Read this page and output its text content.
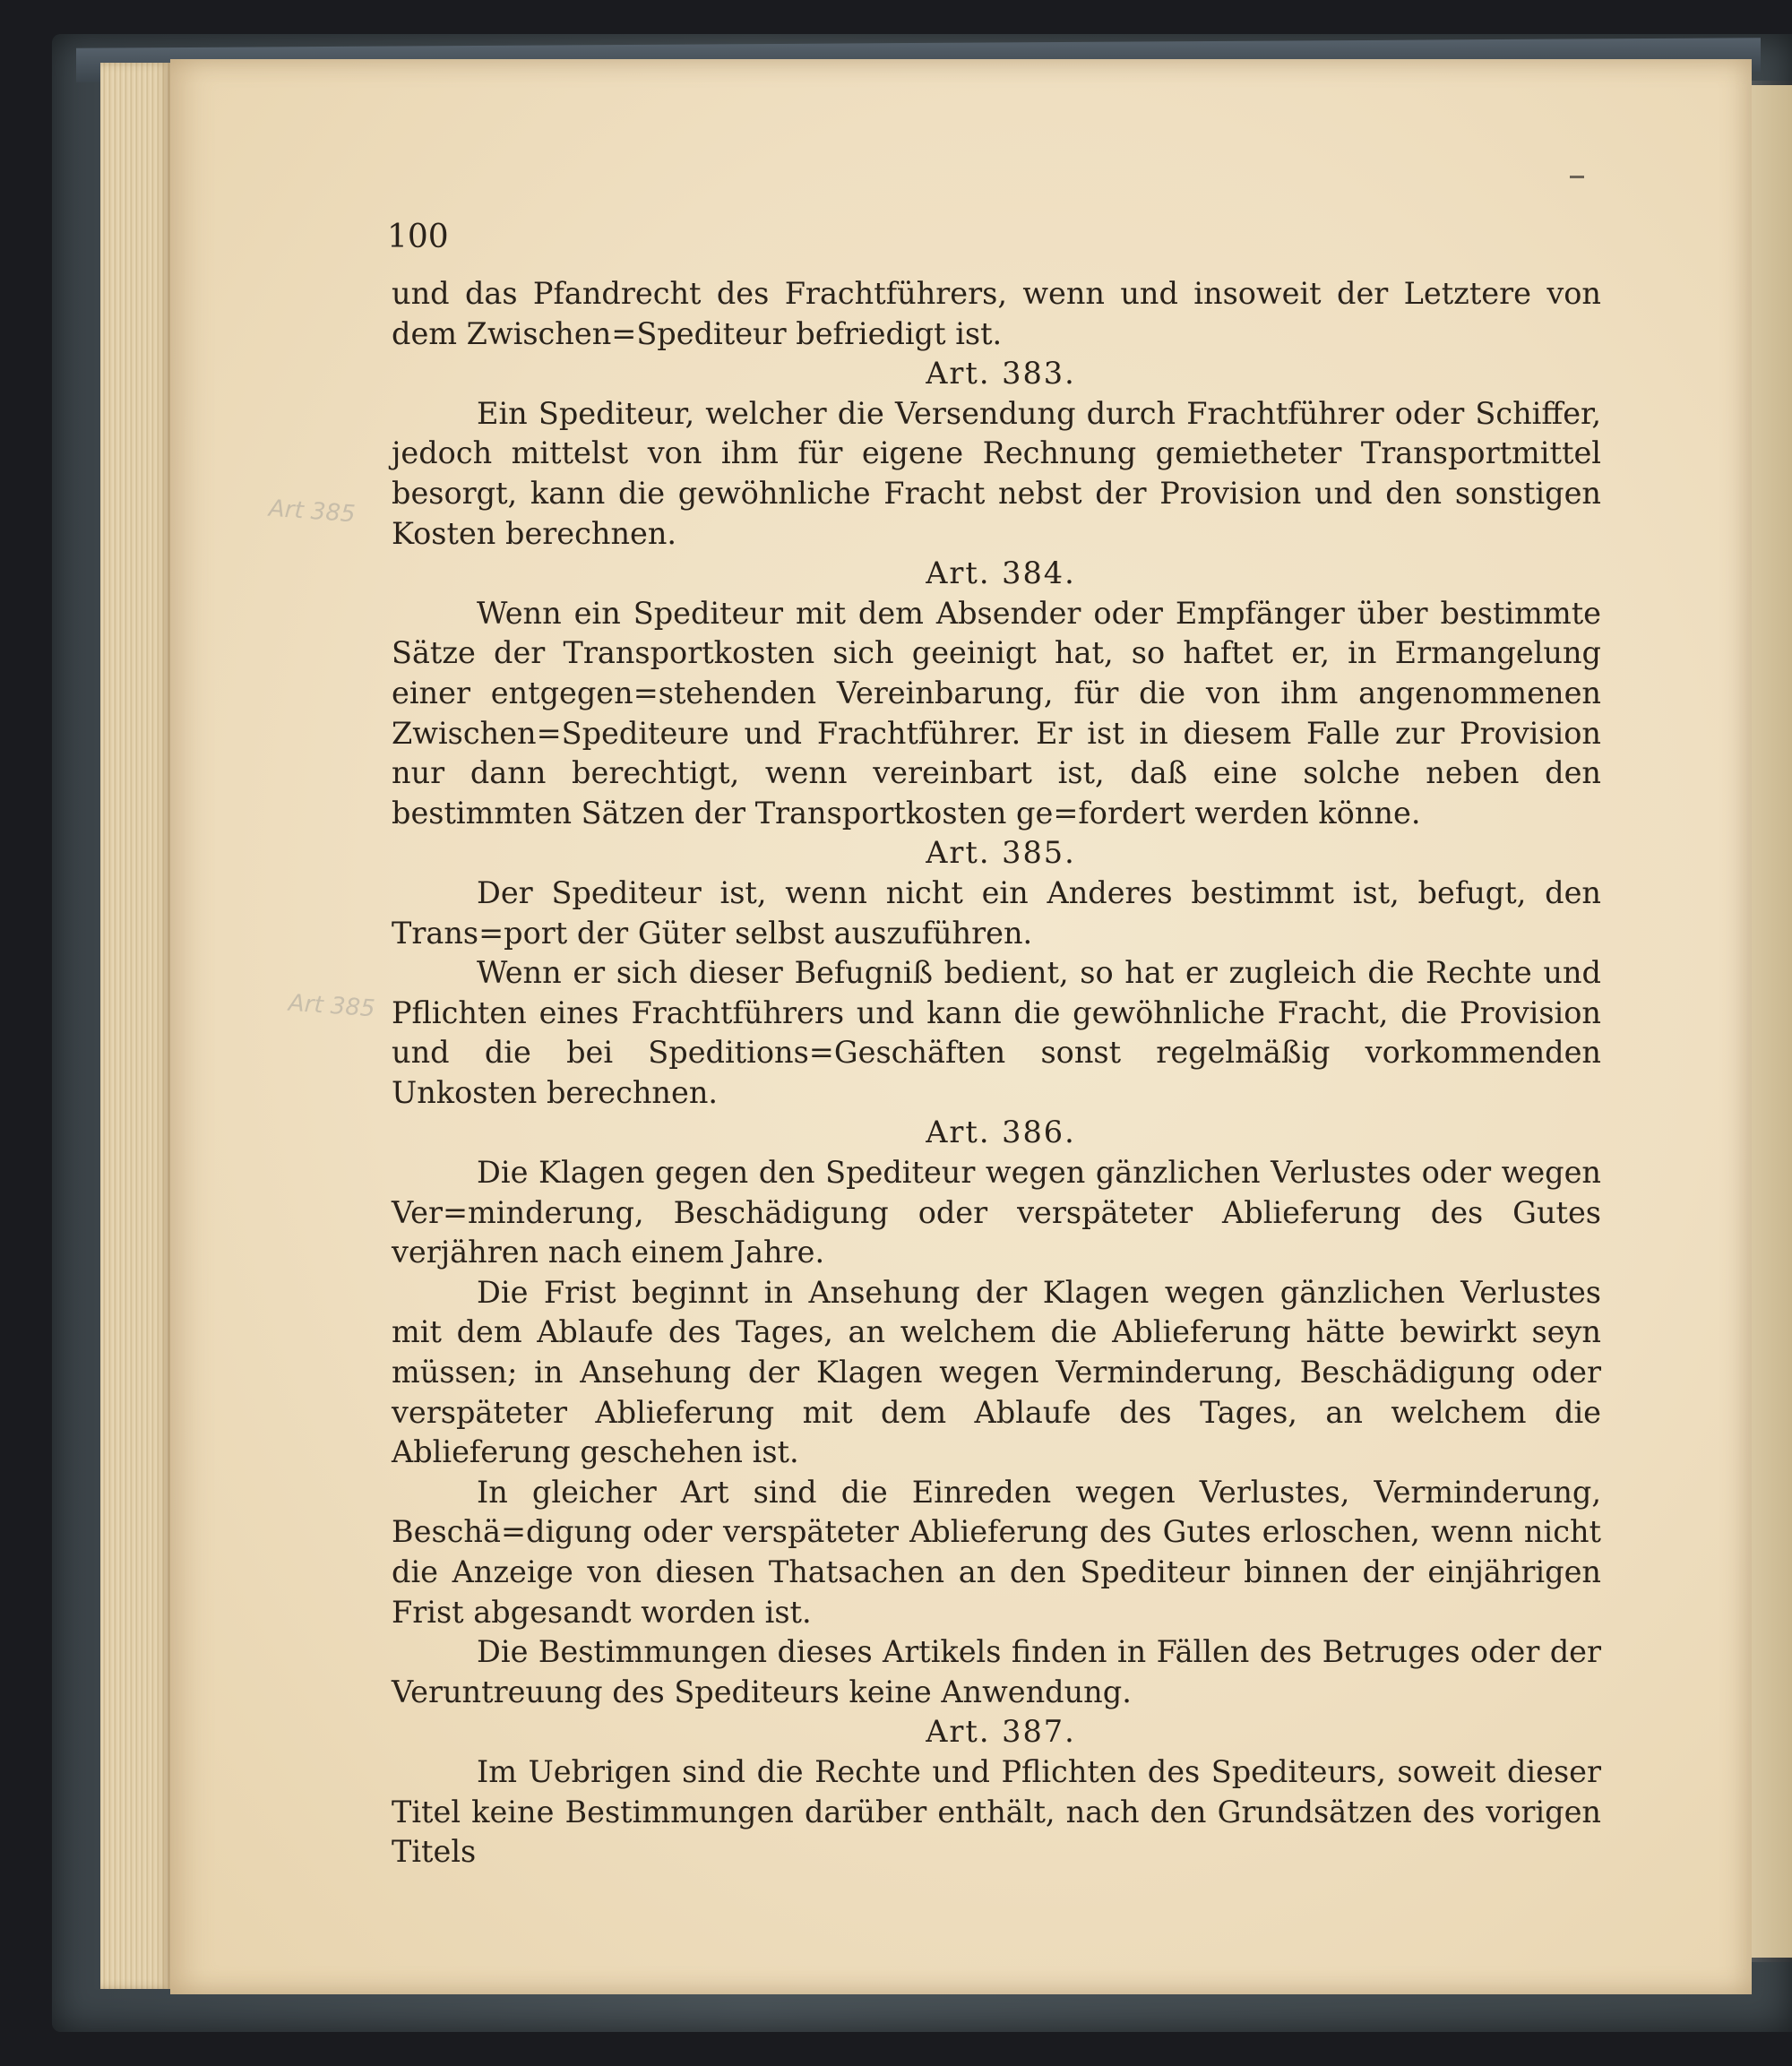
100
Art 385
Art 385

und das Pfandrecht des Frachtführers, wenn und insoweit der Letztere von dem Zwischen=Spediteur befriedigt ist.

Art. 383.

Ein Spediteur, welcher die Versendung durch Frachtführer oder Schiffer, jedoch mittelst von ihm für eigene Rechnung gemietheter Transportmittel besorgt, kann die gewöhnliche Fracht nebst der Provision und den sonstigen Kosten berechnen.

Art. 384.

Wenn ein Spediteur mit dem Absender oder Empfänger über bestimmte Sätze der Transportkosten sich geeinigt hat, so haftet er, in Ermangelung einer entgegen=stehenden Vereinbarung, für die von ihm angenommenen Zwischen=Spediteure und Frachtführer. Er ist in diesem Falle zur Provision nur dann berechtigt, wenn vereinbart ist, daß eine solche neben den bestimmten Sätzen der Transportkosten ge=fordert werden könne.

Art. 385.

Der Spediteur ist, wenn nicht ein Anderes bestimmt ist, befugt, den Trans=port der Güter selbst auszuführen.

Wenn er sich dieser Befugniß bedient, so hat er zugleich die Rechte und Pflichten eines Frachtführers und kann die gewöhnliche Fracht, die Provision und die bei Speditions=Geschäften sonst regelmäßig vorkommenden Unkosten berechnen.

Art. 386.

Die Klagen gegen den Spediteur wegen gänzlichen Verlustes oder wegen Ver=minderung, Beschädigung oder verspäteter Ablieferung des Gutes verjähren nach einem Jahre.

Die Frist beginnt in Ansehung der Klagen wegen gänzlichen Verlustes mit dem Ablaufe des Tages, an welchem die Ablieferung hätte bewirkt seyn müssen; in Ansehung der Klagen wegen Verminderung, Beschädigung oder verspäteter Ablieferung mit dem Ablaufe des Tages, an welchem die Ablieferung geschehen ist.

In gleicher Art sind die Einreden wegen Verlustes, Verminderung, Beschä=digung oder verspäteter Ablieferung des Gutes erloschen, wenn nicht die Anzeige von diesen Thatsachen an den Spediteur binnen der einjährigen Frist abgesandt worden ist.

Die Bestimmungen dieses Artikels finden in Fällen des Betruges oder der Veruntreuung des Spediteurs keine Anwendung.

Art. 387.

Im Uebrigen sind die Rechte und Pflichten des Spediteurs, soweit dieser Titel keine Bestimmungen darüber enthält, nach den Grundsätzen des vorigen Titels
